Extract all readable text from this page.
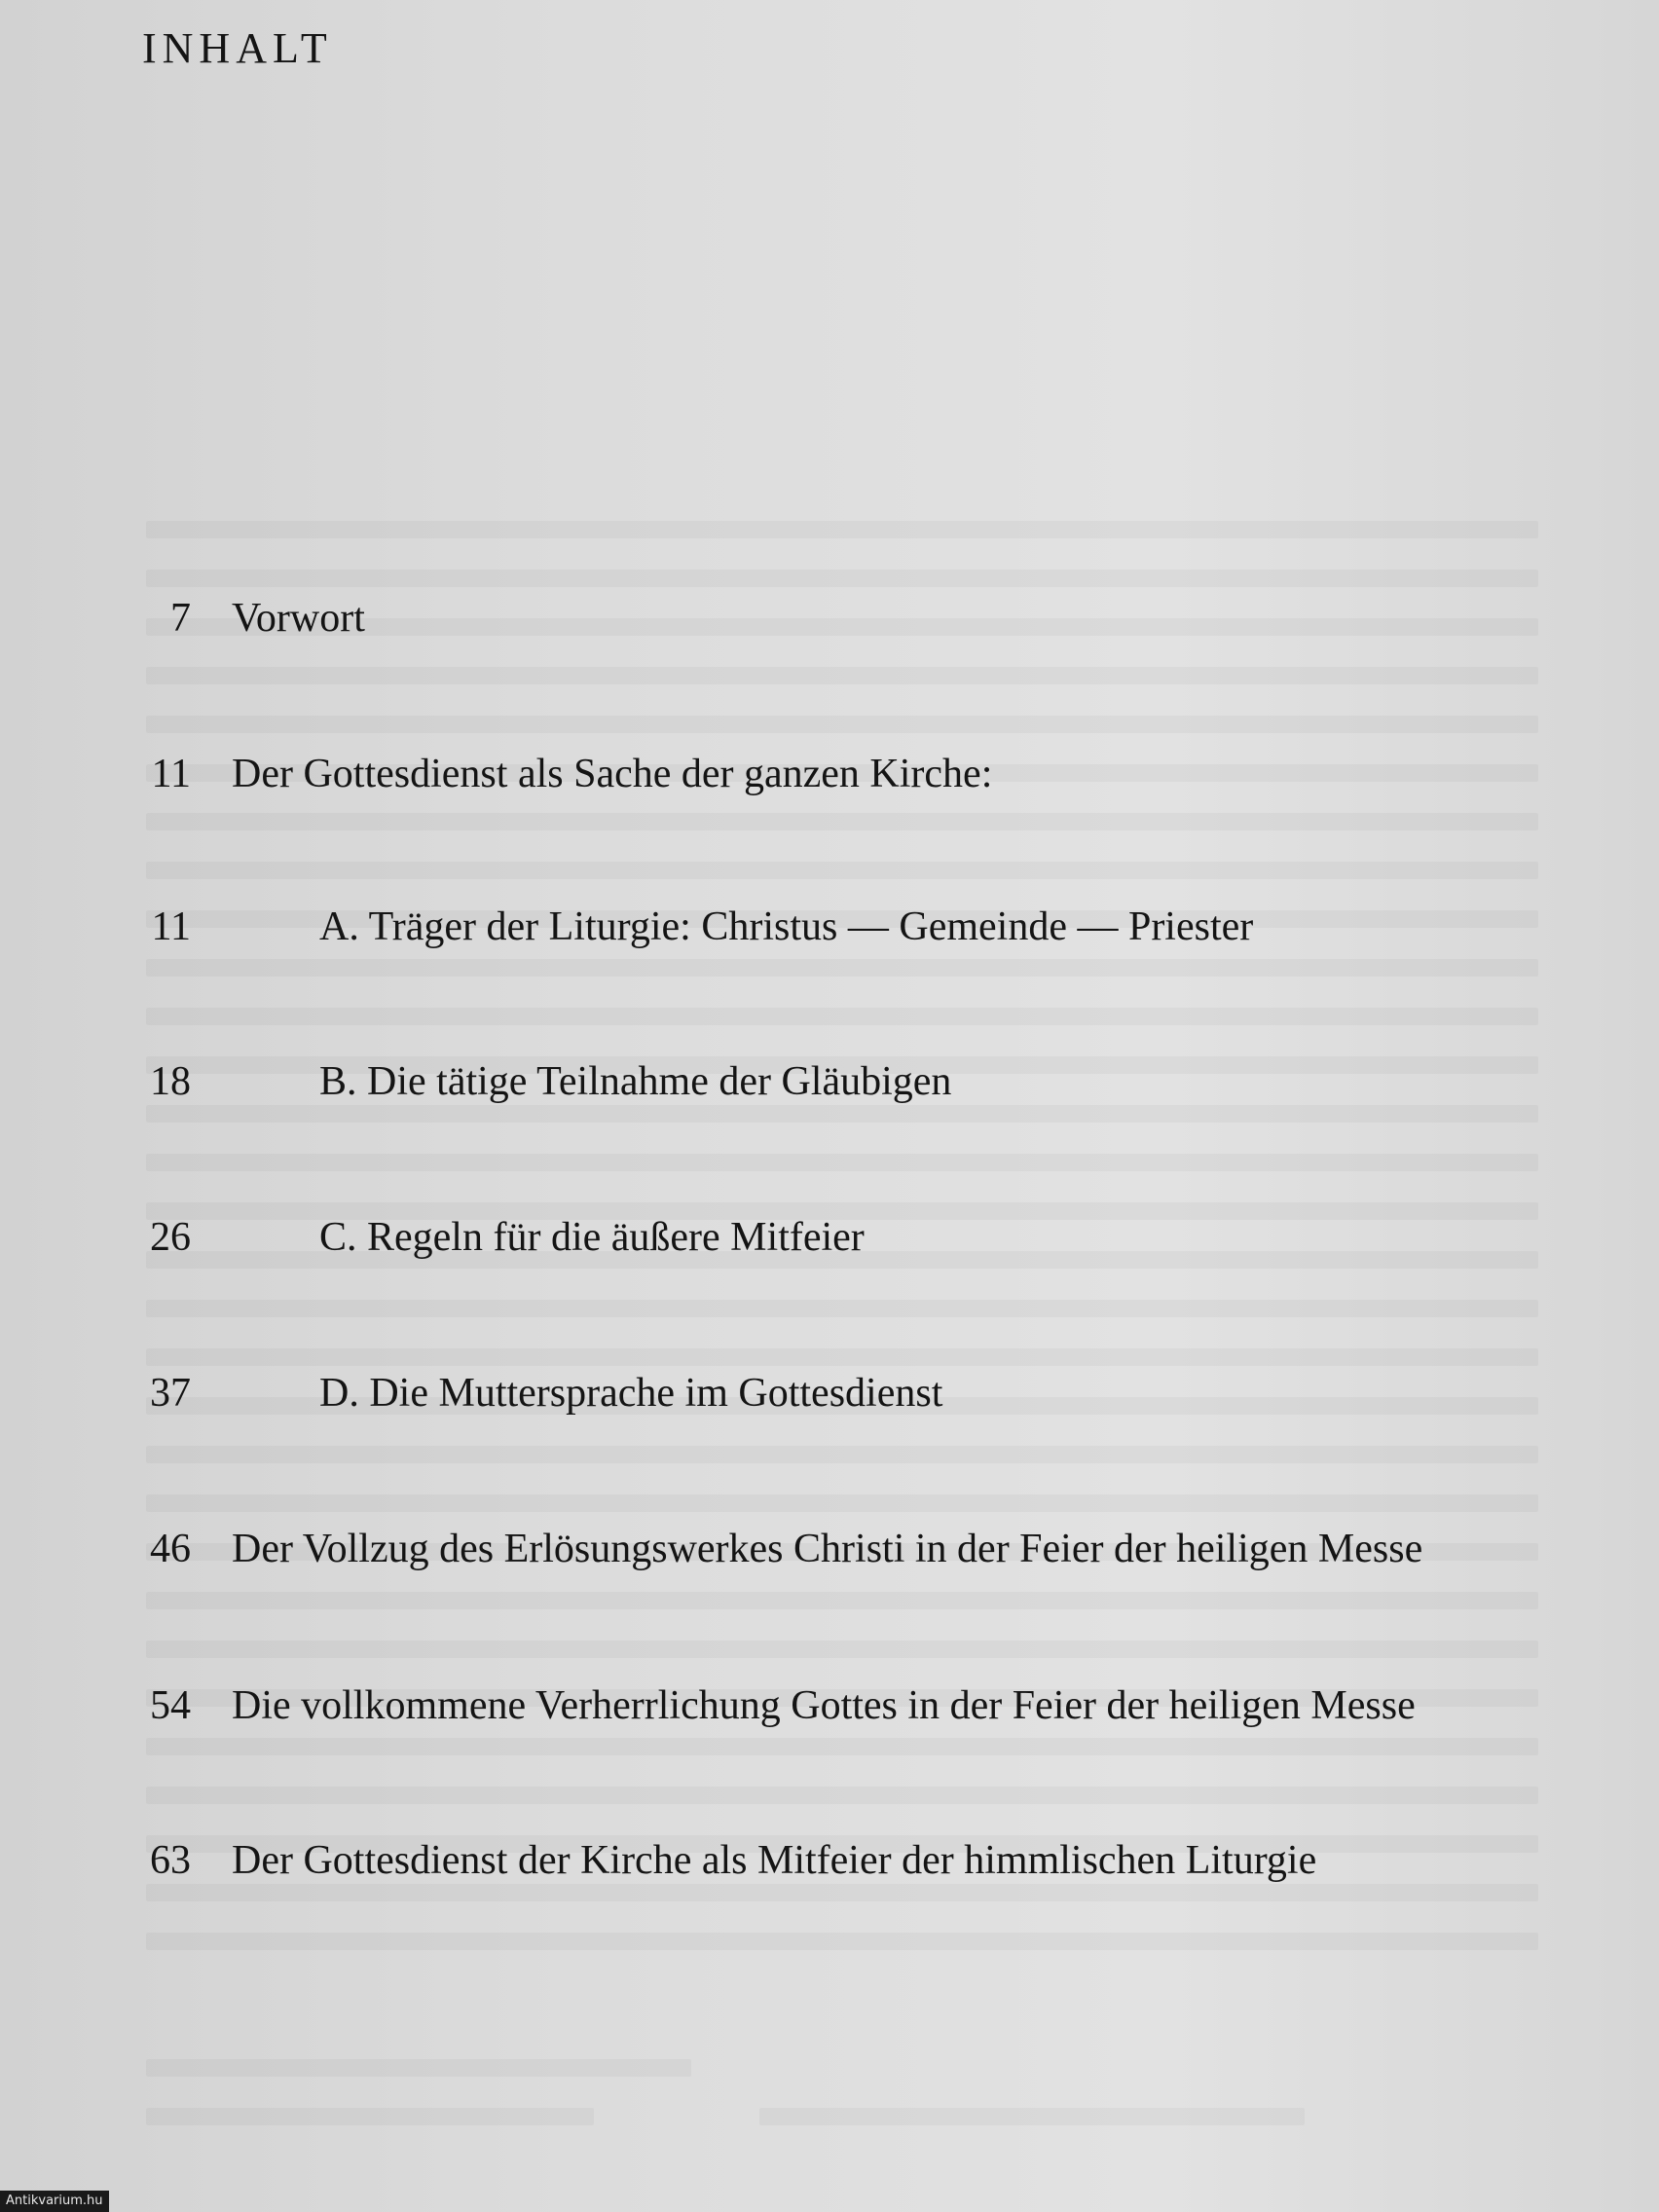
INHALT
7 Vorwort
11 Der Gottesdienst als Sache der ganzen Kirche:
11	A. Träger der Liturgie: Christus — Gemeinde — Priester
18	B. Die tätige Teilnahme der Gläubigen
26	C. Regeln für die äußere Mitfeier
37	D. Die Muttersprache im Gottesdienst
46 Der Vollzug des Erlösungswerkes Christi in der Feier der heiligen Messe
54 Die vollkommene Verherrlichung Gottes in der Feier der heiligen Messe
63 Der Gottesdienst der Kirche als Mitfeier der himmlischen Liturgie
Antikvarium.hu
